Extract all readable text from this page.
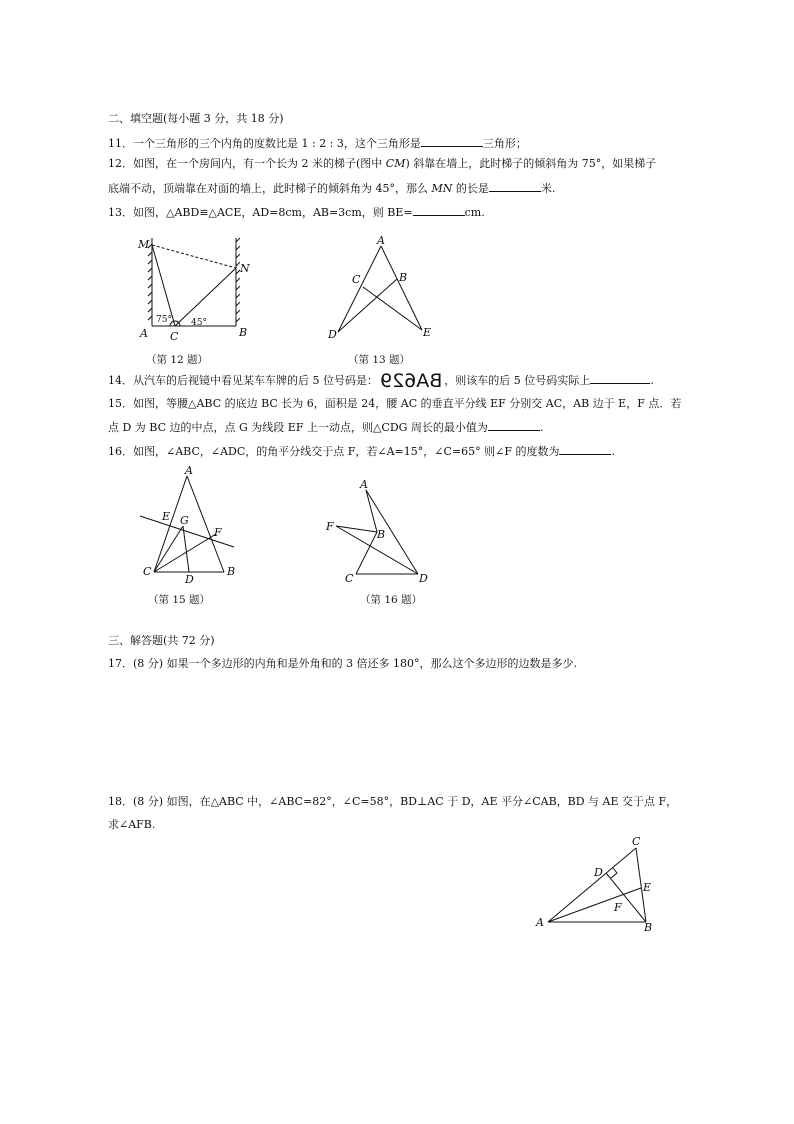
二、填空题(每小题 3 分，共 18 分)
11．一个三角形的三个内角的度数比是 1 : 2 : 3，这个三角形是	三角形；
12．如图，在一个房间内，有一个长为 2 米的梯子(图中 CM) 斜靠在墙上，此时梯子的倾斜角为 75°，如果梯子
底端不动，顶端靠在对面的墙上，此时梯子的倾斜角为 45°，那么 MN 的长是	米.
13．如图，△ABD≌△ACE，AD=8cm，AB=3cm，则 BE=	cm.
M
N
A C	B
75° 45°
（第 12 题）
A
C	B
D	E
（第 13 题）
14．从汽车的后视镜中看见某车车牌的后 5 位号码是： BA629 ，则该车的后 5 位号码实际上	.
15．如图，等腰△ABC 的底边 BC 长为 6，面积是 24，腰 AC 的垂直平分线 EF 分别交 AC，AB 边于 E，F 点．若
点 D 为 BC 边的中点，点 G 为线段 EF 上一动点，则△CDG 周长的最小值为	.
16．如图，∠ABC，∠ADC，的角平分线交于点 F，若∠A=15°，∠C=65° 则∠F 的度数为	.
A
E G
F
C
D
B
（第 15 题）
A
F
B
C	D
（第 16 题）
三、解答题(共 72 分)
17．(8 分) 如果一个多边形的内角和是外角和的 3 倍还多 180°，那么这个多边形的边数是多少.
18．(8 分) 如图，在△ABC 中，∠ABC=82°，∠C=58°，BD⊥AC 于 D，AE 平分∠CAB，BD 与 AE 交于点 F，
求∠AFB.
C
D
E
F
A	B
